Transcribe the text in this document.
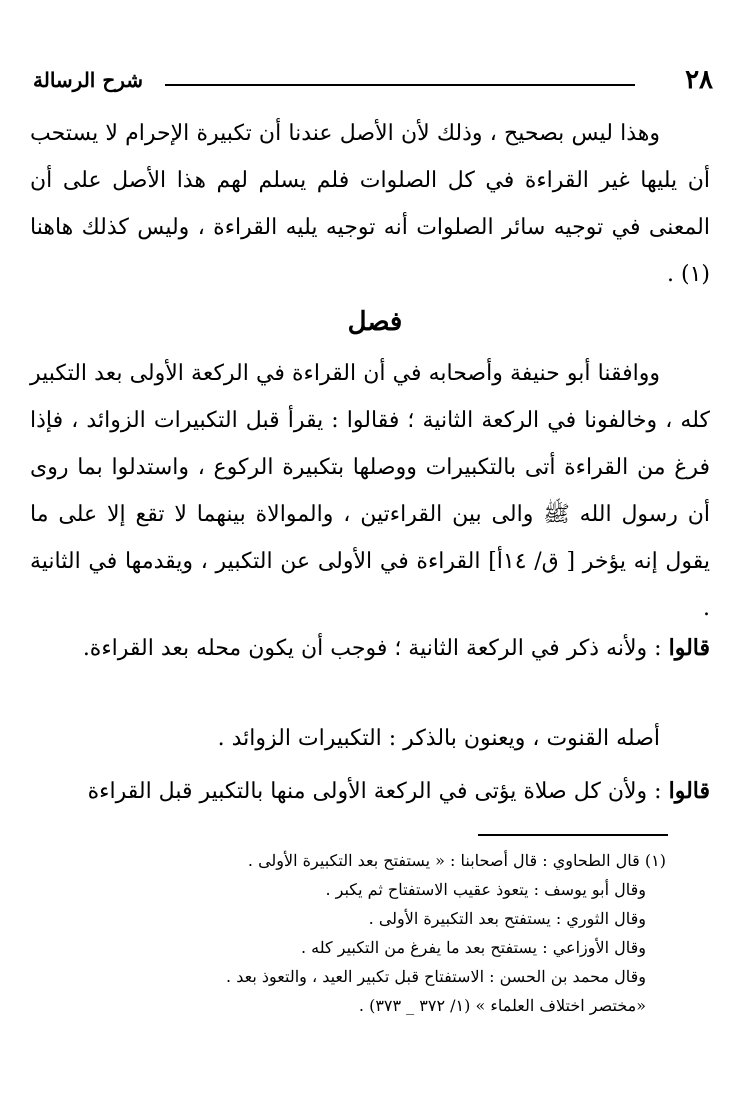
٢٨
شرح الرسالة

وهذا ليس بصحيح ، وذلك لأن الأصل عندنا أن تكبيرة الإحرام لا يستحب أن يليها غير القراءة في كل الصلوات فلم يسلم لهم هذا الأصل على أن المعنى في توجيه سائر الصلوات أنه توجيه يليه القراءة ، وليس كذلك هاهنا (١) .

فصل

ووافقنا أبو حنيفة وأصحابه في أن القراءة في الركعة الأولى بعد التكبير كله ، وخالفونا في الركعة الثانية ؛ فقالوا : يقرأ قبل التكبيرات الزوائد ، فإذا فرغ من القراءة أتى بالتكبيرات ووصلها بتكبيرة الركوع ، واستدلوا بما روى أن رسول الله ﷺ والى بين القراءتين ، والموالاة بينهما لا تقع إلا على ما يقول إنه يؤخر [ ق/ ١٤أ] القراءة في الأولى عن التكبير ، ويقدمها في الثانية .

قالوا : ولأنه ذكر في الركعة الثانية ؛ فوجب أن يكون محله بعد القراءة.

أصله القنوت ، ويعنون بالذكر : التكبيرات الزوائد .

قالوا : ولأن كل صلاة يؤتى في الركعة الأولى منها بالتكبير قبل القراءة

(١) قال الطحاوي : قال أصحابنا : « يستفتح بعد التكبيرة الأولى .
وقال أبو يوسف : يتعوذ عقيب الاستفتاح ثم يكبر .
وقال الثوري : يستفتح بعد التكبيرة الأولى .
وقال الأوزاعي : يستفتح بعد ما يفرغ من التكبير كله .
وقال محمد بن الحسن : الاستفتاح قبل تكبير العيد ، والتعوذ بعد .
«مختصر اختلاف العلماء » (١/ ٣٧٢ _ ٣٧٣) .
